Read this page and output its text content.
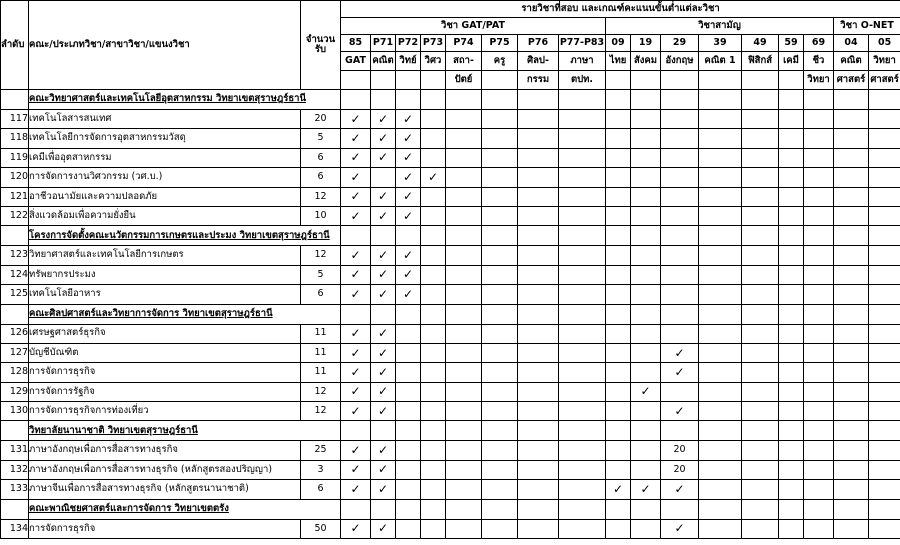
ลำดับ	คณะ/ประเภทวิชา/สาขาวิชา/แขนงวิชา	จำนวน
รับ	รายวิชาที่สอบ และเกณฑ์คะแนนขั้นต่ำแต่ละวิชา																
			วิชา GAT/PAT								วิชาสามัญ							วิชา O-NET	
			85	P71	P72	P73	P74	P75	P76	P77-P83	09	19	29	39	49	59	69	04	05
			GAT	คณิต	วิทย์	วิศว	สถา-	ครู	ศิลป-	ภาษา	ไทย	สังคม	อังกฤษ	คณิต 1	ฟิสิกส์	เคมี	ชีว	คณิต	วิทยา
							ปัตย์		กรรม	ตปท.							วิทยา	ศาสตร์	ศาสตร์
	คณะวิทยาศาสตร์และเทคโนโลยีอุตสาหกรรม วิทยาเขตสุราษฎร์ธานี																		
117	เทคโนโลสารสนเทศ	20	✓	✓	✓														
118	เทคโนโลยีการจัดการอุตสาหกรรมวัสดุ	5	✓	✓	✓														
119	เคมีเพื่ออุตสาหกรรม	6	✓	✓	✓														
120	การจัดการงานวิศวกรรม (วศ.บ.)	6	✓		✓	✓													
121	อาชีวอนามัยและความปลอดภัย	12	✓	✓	✓														
122	สิ่งแวดล้อมเพื่อความยั่งยืน	10	✓	✓	✓														
	โครงการจัดตั้งคณะนวัตกรรมการเกษตรและประมง วิทยาเขตสุราษฎร์ธานี																		
123	วิทยาศาสตร์และเทคโนโลยีการเกษตร	12	✓	✓	✓														
124	ทรัพยากรประมง	5	✓	✓	✓														
125	เทคโนโลยีอาหาร	6	✓	✓	✓														
	คณะศิลปศาสตร์และวิทยาการจัดการ วิทยาเขตสุราษฎร์ธานี																		
126	เศรษฐศาสตร์ธุรกิจ	11	✓	✓															
127	บัญชีบัณฑิต	11	✓	✓									✓						
128	การจัดการธุรกิจ	11	✓	✓									✓						
129	การจัดการรัฐกิจ	12	✓	✓								✓							
130	การจัดการธุรกิจการท่องเที่ยว	12	✓	✓									✓						
	วิทยาลัยนานาชาติ วิทยาเขตสุราษฎร์ธานี																		
131	ภาษาอังกฤษเพื่อการสื่อสารทางธุรกิจ	25	✓	✓									20						
132	ภาษาอังกฤษเพื่อการสื่อสารทางธุรกิจ (หลักสูตรสองปริญญา)	3	✓	✓									20						
133	ภาษาจีนเพื่อการสื่อสารทางธุรกิจ (หลักสูตรนานาชาติ)	6	✓	✓							✓	✓	✓						
	คณะพาณิชยศาสตร์และการจัดการ วิทยาเขตตรัง																		
134	การจัดการธุรกิจ	50	✓	✓									✓						
